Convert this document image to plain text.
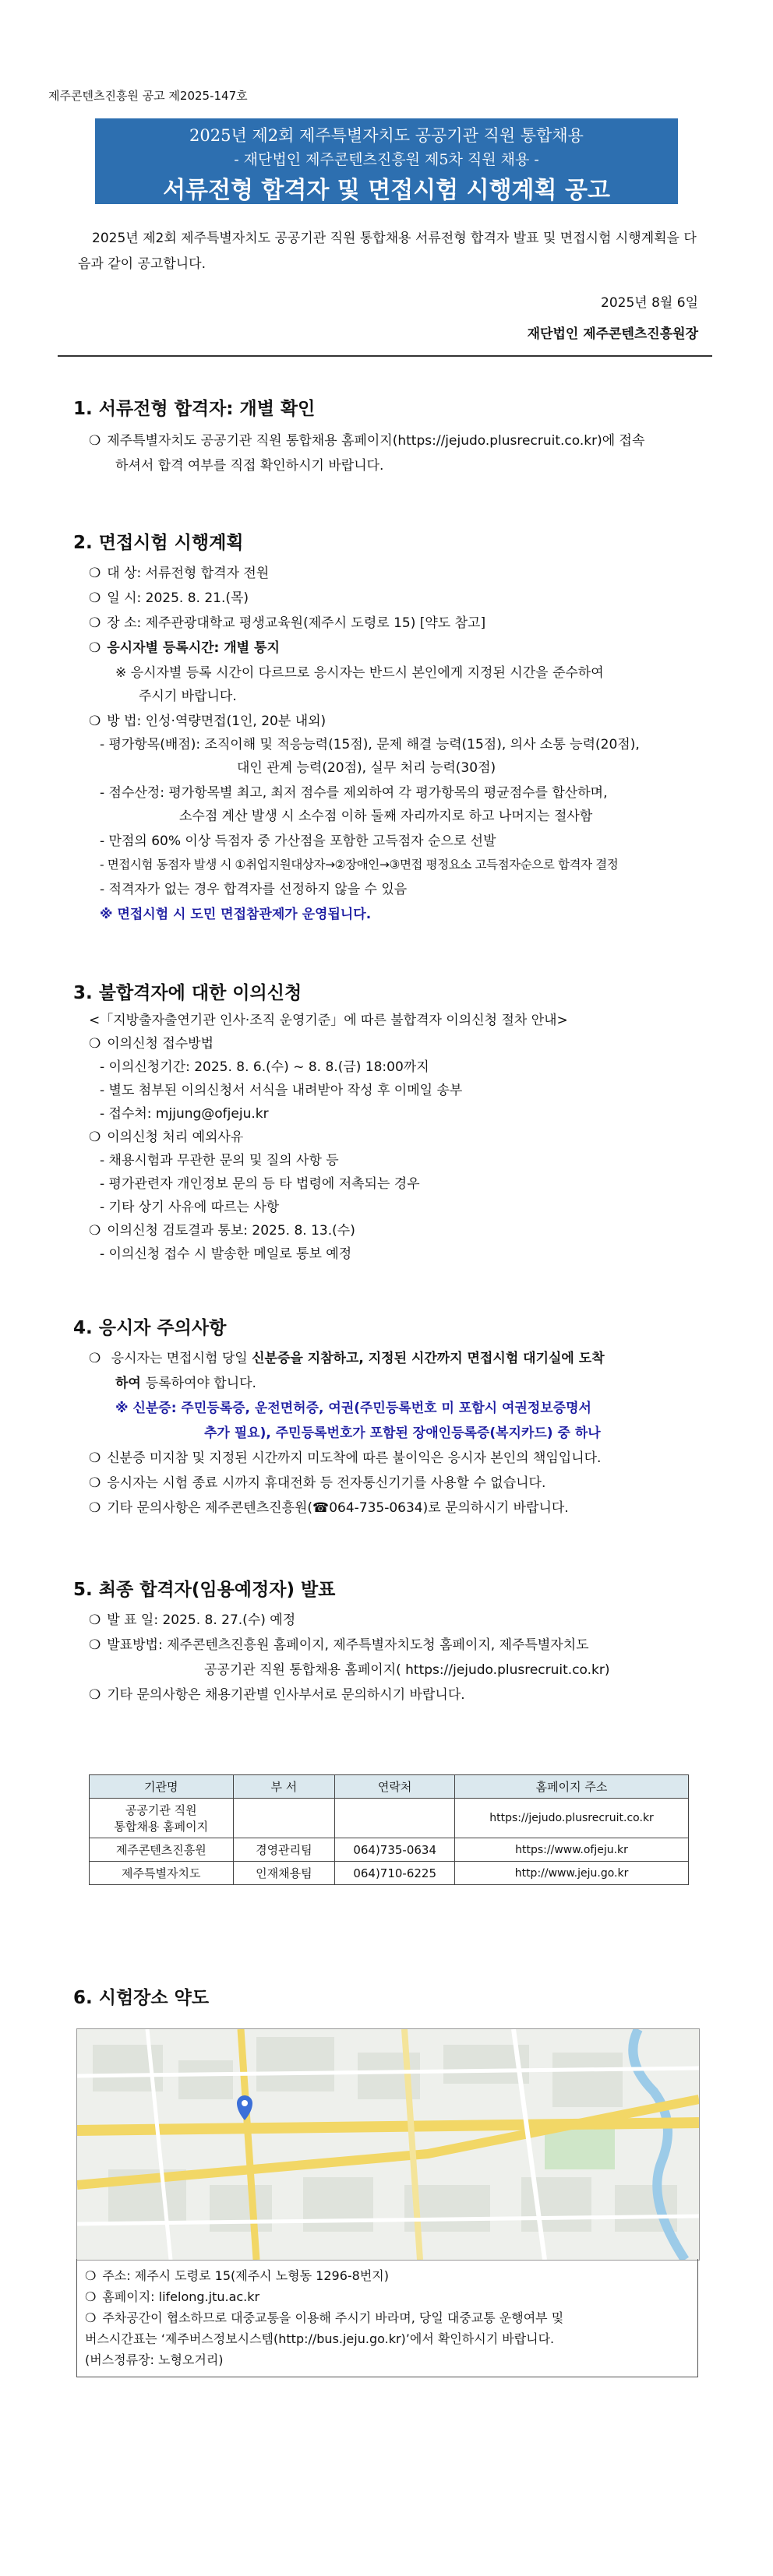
제주콘텐츠진흥원 공고 제2025-147호
2025년 제2회 제주특별자치도 공공기관 직원 통합채용
- 재단법인 제주콘텐츠진흥원 제5차 직원 채용 -
서류전형 합격자 및 면접시험 시행계획 공고
2025년 제2회 제주특별자치도 공공기관 직원 통합채용 서류전형 합격자 발표 및 면접시험 시행계획을 다음과 같이 공고합니다.
2025년 8월 6일
재단법인 제주콘텐츠진흥원장
1. 서류전형 합격자: 개별 확인
❍ 제주특별자치도 공공기관 직원 통합채용 홈페이지(https://jejudo.plusrecruit.co.kr)에 접속
하셔서 합격 여부를 직접 확인하시기 바랍니다.
2. 면접시험 시행계획
❍ 대 상: 서류전형 합격자 전원
❍ 일 시: 2025. 8. 21.(목)
❍ 장 소: 제주관광대학교 평생교육원(제주시 도령로 15) [약도 참고]
❍ 응시자별 등록시간: 개별 통지
※ 응시자별 등록 시간이 다르므로 응시자는 반드시 본인에게 지정된 시간을 준수하여
주시기 바랍니다.
❍ 방 법: 인성·역량면접(1인, 20분 내외)
- 평가항목(배점): 조직이해 및 적응능력(15점), 문제 해결 능력(15점), 의사 소통 능력(20점),
대인 관계 능력(20점), 실무 처리 능력(30점)
- 점수산정: 평가항목별 최고, 최저 점수를 제외하여 각 평가항목의 평균점수를 합산하며,
소수점 계산 발생 시 소수점 이하 둘째 자리까지로 하고 나머지는 절사함
- 만점의 60% 이상 득점자 중 가산점을 포함한 고득점자 순으로 선발
- 면접시험 동점자 발생 시 ①취업지원대상자→②장애인→③면접 평정요소 고득점자순으로 합격자 결정
- 적격자가 없는 경우 합격자를 선정하지 않을 수 있음
※ 면접시험 시 도민 면접참관제가 운영됩니다.
3. 불합격자에 대한 이의신청
<「지방출자출연기관 인사·조직 운영기준」에 따른 불합격자 이의신청 절차 안내>
❍ 이의신청 접수방법
- 이의신청기간: 2025. 8. 6.(수) ~ 8. 8.(금) 18:00까지
- 별도 첨부된 이의신청서 서식을 내려받아 작성 후 이메일 송부
- 접수처: mjjung@ofjeju.kr
❍ 이의신청 처리 예외사유
- 채용시험과 무관한 문의 및 질의 사항 등
- 평가관련자 개인정보 문의 등 타 법령에 저촉되는 경우
- 기타 상기 사유에 따르는 사항
❍ 이의신청 검토결과 통보: 2025. 8. 13.(수)
- 이의신청 접수 시 발송한 메일로 통보 예정
4. 응시자 주의사항
❍ 응시자는 면접시험 당일 신분증을 지참하고, 지정된 시간까지 면접시험 대기실에 도착
하여 등록하여야 합니다.
※ 신분증: 주민등록증, 운전면허증, 여권(주민등록번호 미 포함시 여권정보증명서
추가 필요), 주민등록번호가 포함된 장애인등록증(복지카드) 중 하나
❍ 신분증 미지참 및 지정된 시간까지 미도착에 따른 불이익은 응시자 본인의 책임입니다.
❍ 응시자는 시험 종료 시까지 휴대전화 등 전자통신기기를 사용할 수 없습니다.
❍ 기타 문의사항은 제주콘텐츠진흥원(☎064-735-0634)로 문의하시기 바랍니다.
5. 최종 합격자(임용예정자) 발표
❍ 발 표 일: 2025. 8. 27.(수) 예정
❍ 발표방법: 제주콘텐츠진흥원 홈페이지, 제주특별자치도청 홈페이지, 제주특별자치도
공공기관 직원 통합채용 홈페이지( https://jejudo.plusrecruit.co.kr)
❍ 기타 문의사항은 채용기관별 인사부서로 문의하시기 바랍니다.
기관명	부 서	연락처	홈페이지 주소
공공기관 직원
통합채용 홈페이지			https://jejudo.plusrecruit.co.kr
제주콘텐츠진흥원	경영관리팀	064)735-0634	https://www.ofjeju.kr
제주특별자치도	인재채용팀	064)710-6225	http://www.jeju.go.kr
6. 시험장소 약도
❍ 주소: 제주시 도령로 15(제주시 노형동 1296-8번지)
❍ 홈페이지: lifelong.jtu.ac.kr
❍ 주차공간이 협소하므로 대중교통을 이용해 주시기 바라며, 당일 대중교통 운행여부 및
버스시간표는 ‘제주버스정보시스템(http://bus.jeju.go.kr)’에서 확인하시기 바랍니다.
(버스정류장: 노형오거리)
